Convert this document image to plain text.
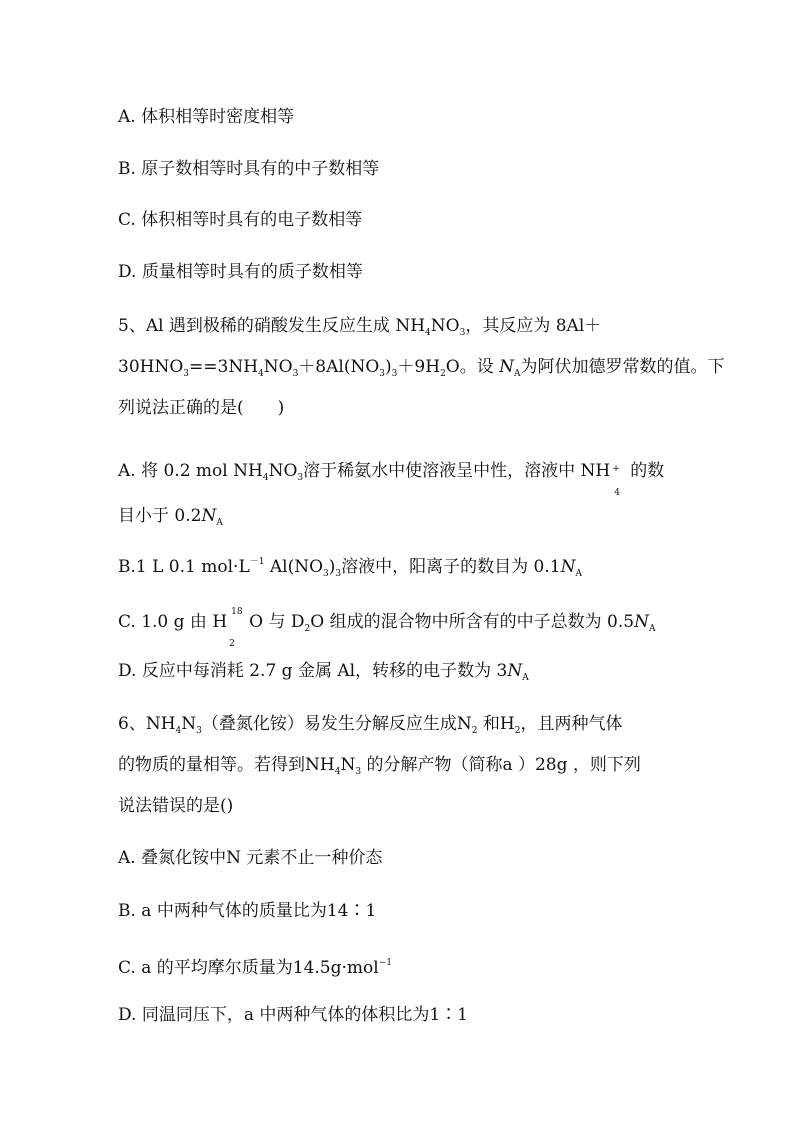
A. 体积相等时密度相等
B. 原子数相等时具有的中子数相等
C. 体积相等时具有的电子数相等
D. 质量相等时具有的质子数相等
5、Al 遇到极稀的硝酸发生反应生成 $NH_4NO_3$，其反应为 8Al＋
$30HNO_3==3NH_4NO_3+8Al(NO_3)_3+9H_2O$。设 $N_A$为阿伏加德罗常数的值。下
列说法正确的是(　　)
A. 将 0.2 mol $NH_4NO_3$溶于稀氨水中使溶液呈中性，溶液中 NH +
4
的数
目小于 $0.2N_A$
B.1 L 0.1 $mol\cdot L^{-1}$ $Al(NO_3)_3$溶液中，阳离子的数目为 $0.1N_A$
C. 1.0 g 由 H 18
2
O 与 $D_2O$ 组成的混合物中所含有的中子总数为 $0.5N_A$
D. 反应中每消耗 2.7 g 金属 Al，转移的电子数为 $3N_A$
6、$NH_4N_3$（叠氮化铵）易发生分解反应生成$N_2$ 和$H_2$，且两种气体
的物质的量相等。若得到$NH_4N_3$ 的分解产物（简称a ）28g ，则下列
说法错误的是()
A. 叠氮化铵中N 元素不止一种价态
B. a 中两种气体的质量比为14∶1
C. a 的平均摩尔质量为14.5g·mol$^{-1}$
D. 同温同压下，a 中两种气体的体积比为1∶1
